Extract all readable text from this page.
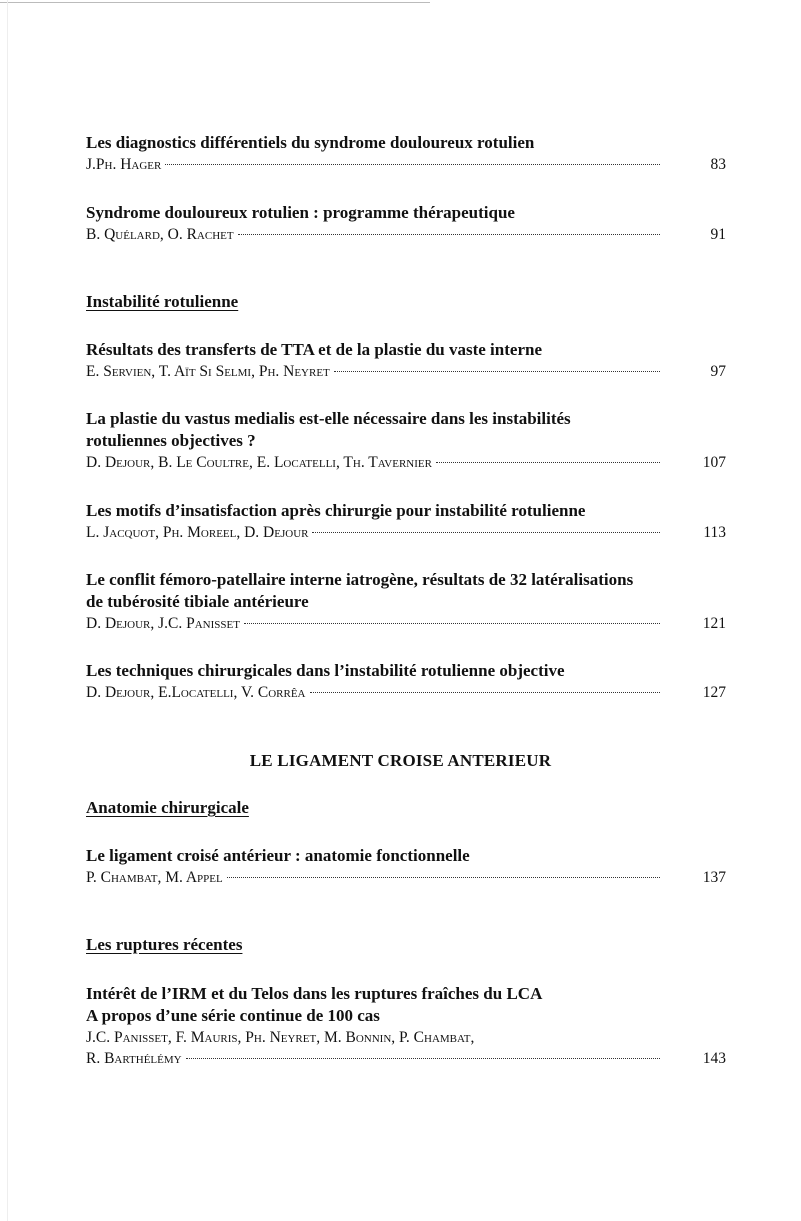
Les diagnostics différentiels du syndrome douloureux rotulien
J.Ph. Hager	83
Syndrome douloureux rotulien : programme thérapeutique
B. Quélard, O. Rachet	91
Instabilité rotulienne
Résultats des transferts de TTA et de la plastie du vaste interne
E. Servien, T. Aït Si Selmi, Ph. Neyret	97
La plastie du vastus medialis est-elle nécessaire dans les instabilités
rotuliennes objectives ?
D. Dejour, B. Le Coultre, E. Locatelli, Th. Tavernier	107
Les motifs d’insatisfaction après chirurgie pour instabilité rotulienne
L. Jacquot, Ph. Moreel, D. Dejour	113
Le conflit fémoro-patellaire interne iatrogène, résultats de 32 latéralisations
de tubérosité tibiale antérieure
D. Dejour, J.C. Panisset	121
Les techniques chirurgicales dans l’instabilité rotulienne objective
D. Dejour, E.Locatelli, V. Corrêa	127
LE LIGAMENT CROISE ANTERIEUR
Anatomie chirurgicale
Le ligament croisé antérieur : anatomie fonctionnelle
P. Chambat, M. Appel	137
Les ruptures récentes
Intérêt de l’IRM et du Telos dans les ruptures fraîches du LCA
A propos d’une série continue de 100 cas
J.C. Panisset, F. Mauris, Ph. Neyret, M. Bonnin, P. Chambat,
R. Barthélémy	143
